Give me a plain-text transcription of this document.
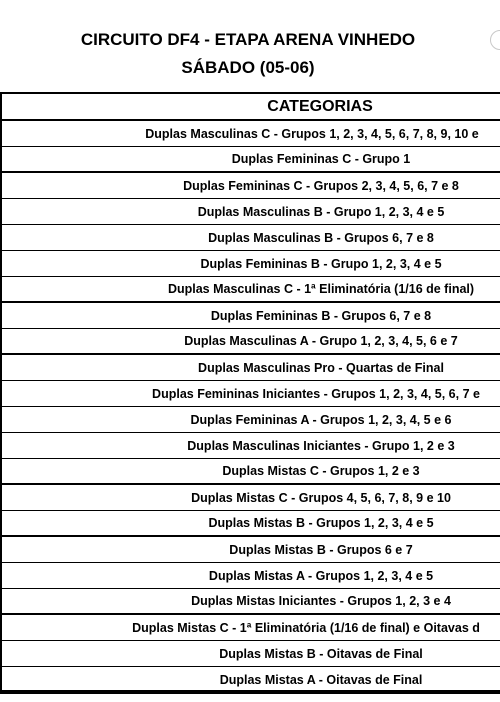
CIRCUITO DF4 - ETAPA ARENA VINHEDO
SÁBADO (05-06)
CATEGORIAS
Duplas Masculinas C - Grupos 1, 2, 3, 4, 5, 6, 7, 8, 9, 10 e
Duplas Femininas C - Grupo 1
Duplas Femininas C - Grupos 2, 3, 4, 5, 6, 7 e 8
Duplas Masculinas B - Grupo 1, 2, 3, 4 e 5
Duplas Masculinas B - Grupos 6, 7 e 8
Duplas Femininas B - Grupo 1, 2, 3, 4 e 5
Duplas Masculinas C - 1ª Eliminatória (1/16 de final)
Duplas Femininas B - Grupos 6, 7 e 8
Duplas Masculinas A - Grupo 1, 2, 3, 4, 5, 6 e 7
Duplas Masculinas Pro - Quartas de Final
Duplas Femininas Iniciantes - Grupos 1, 2, 3, 4, 5, 6, 7 e
Duplas Femininas A - Grupos 1, 2, 3, 4, 5 e 6
Duplas Masculinas Iniciantes - Grupo 1, 2 e 3
Duplas Mistas C - Grupos 1, 2 e 3
Duplas Mistas C - Grupos 4, 5, 6, 7, 8, 9 e 10
Duplas Mistas B - Grupos 1, 2, 3, 4 e 5
Duplas Mistas B - Grupos 6 e 7
Duplas Mistas A - Grupos 1, 2, 3, 4 e 5
Duplas Mistas Iniciantes - Grupos 1, 2, 3 e 4
Duplas Mistas C - 1ª Eliminatória (1/16 de final) e Oitavas d
Duplas Mistas B - Oitavas de Final
Duplas Mistas A - Oitavas de Final
